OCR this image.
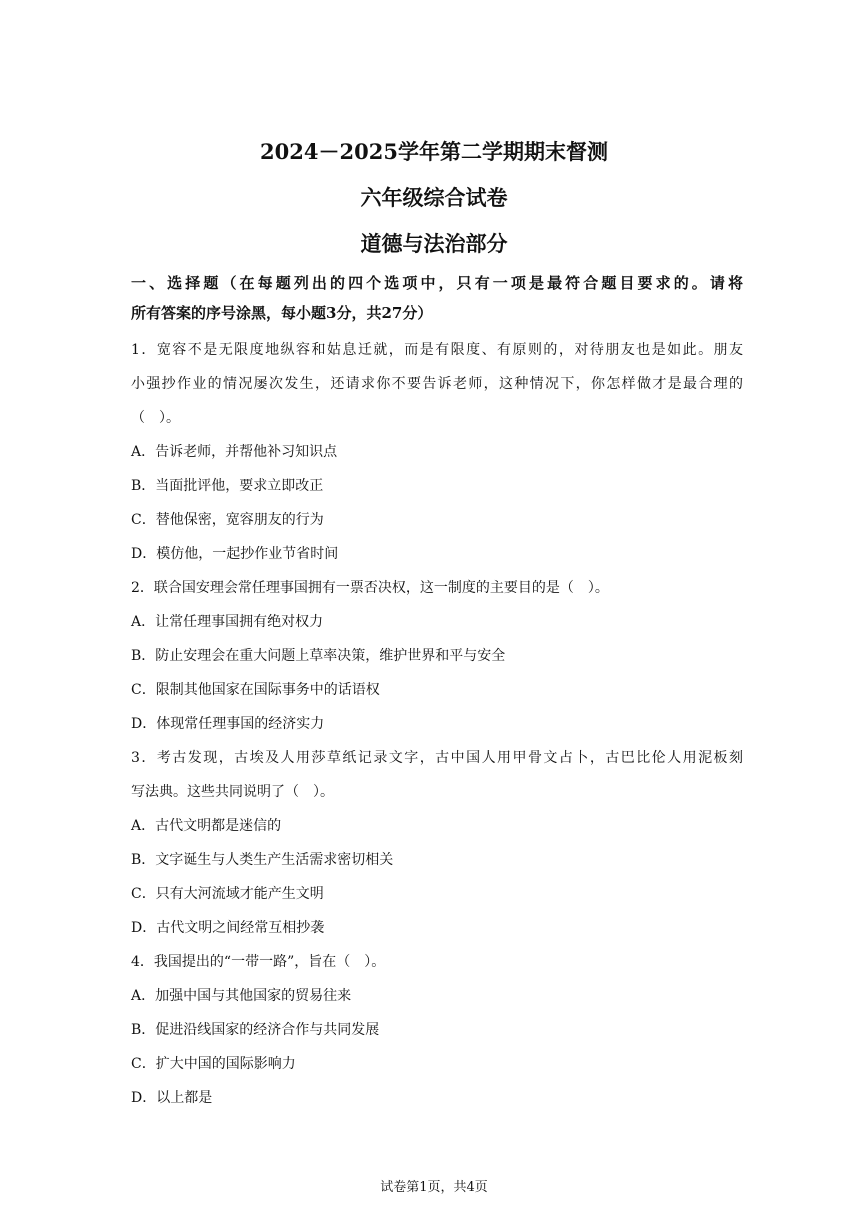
2024－2025学年第二学期期末督测
六年级综合试卷
道德与法治部分
一、选择题（在每题列出的四个选项中，只有一项是最符合题目要求的。请将
所有答案的序号涂黑，每小题3分，共27分）
1．宽容不是无限度地纵容和姑息迁就，而是有限度、有原则的，对待朋友也是如此。朋友
小强抄作业的情况屡次发生，还请求你不要告诉老师，这种情况下，你怎样做才是最合理的
（　）。
A．告诉老师，并帮他补习知识点
B．当面批评他，要求立即改正
C．替他保密，宽容朋友的行为
D．模仿他，一起抄作业节省时间
2．联合国安理会常任理事国拥有一票否决权，这一制度的主要目的是（　）。
A．让常任理事国拥有绝对权力
B．防止安理会在重大问题上草率决策，维护世界和平与安全
C．限制其他国家在国际事务中的话语权
D．体现常任理事国的经济实力
3．考古发现，古埃及人用莎草纸记录文字，古中国人用甲骨文占卜，古巴比伦人用泥板刻
写法典。这些共同说明了（　）。
A．古代文明都是迷信的
B．文字诞生与人类生产生活需求密切相关
C．只有大河流域才能产生文明
D．古代文明之间经常互相抄袭
4．我国提出的“一带一路”，旨在（　）。
A．加强中国与其他国家的贸易往来
B．促进沿线国家的经济合作与共同发展
C．扩大中国的国际影响力
D．以上都是
试卷第1页，共4页
